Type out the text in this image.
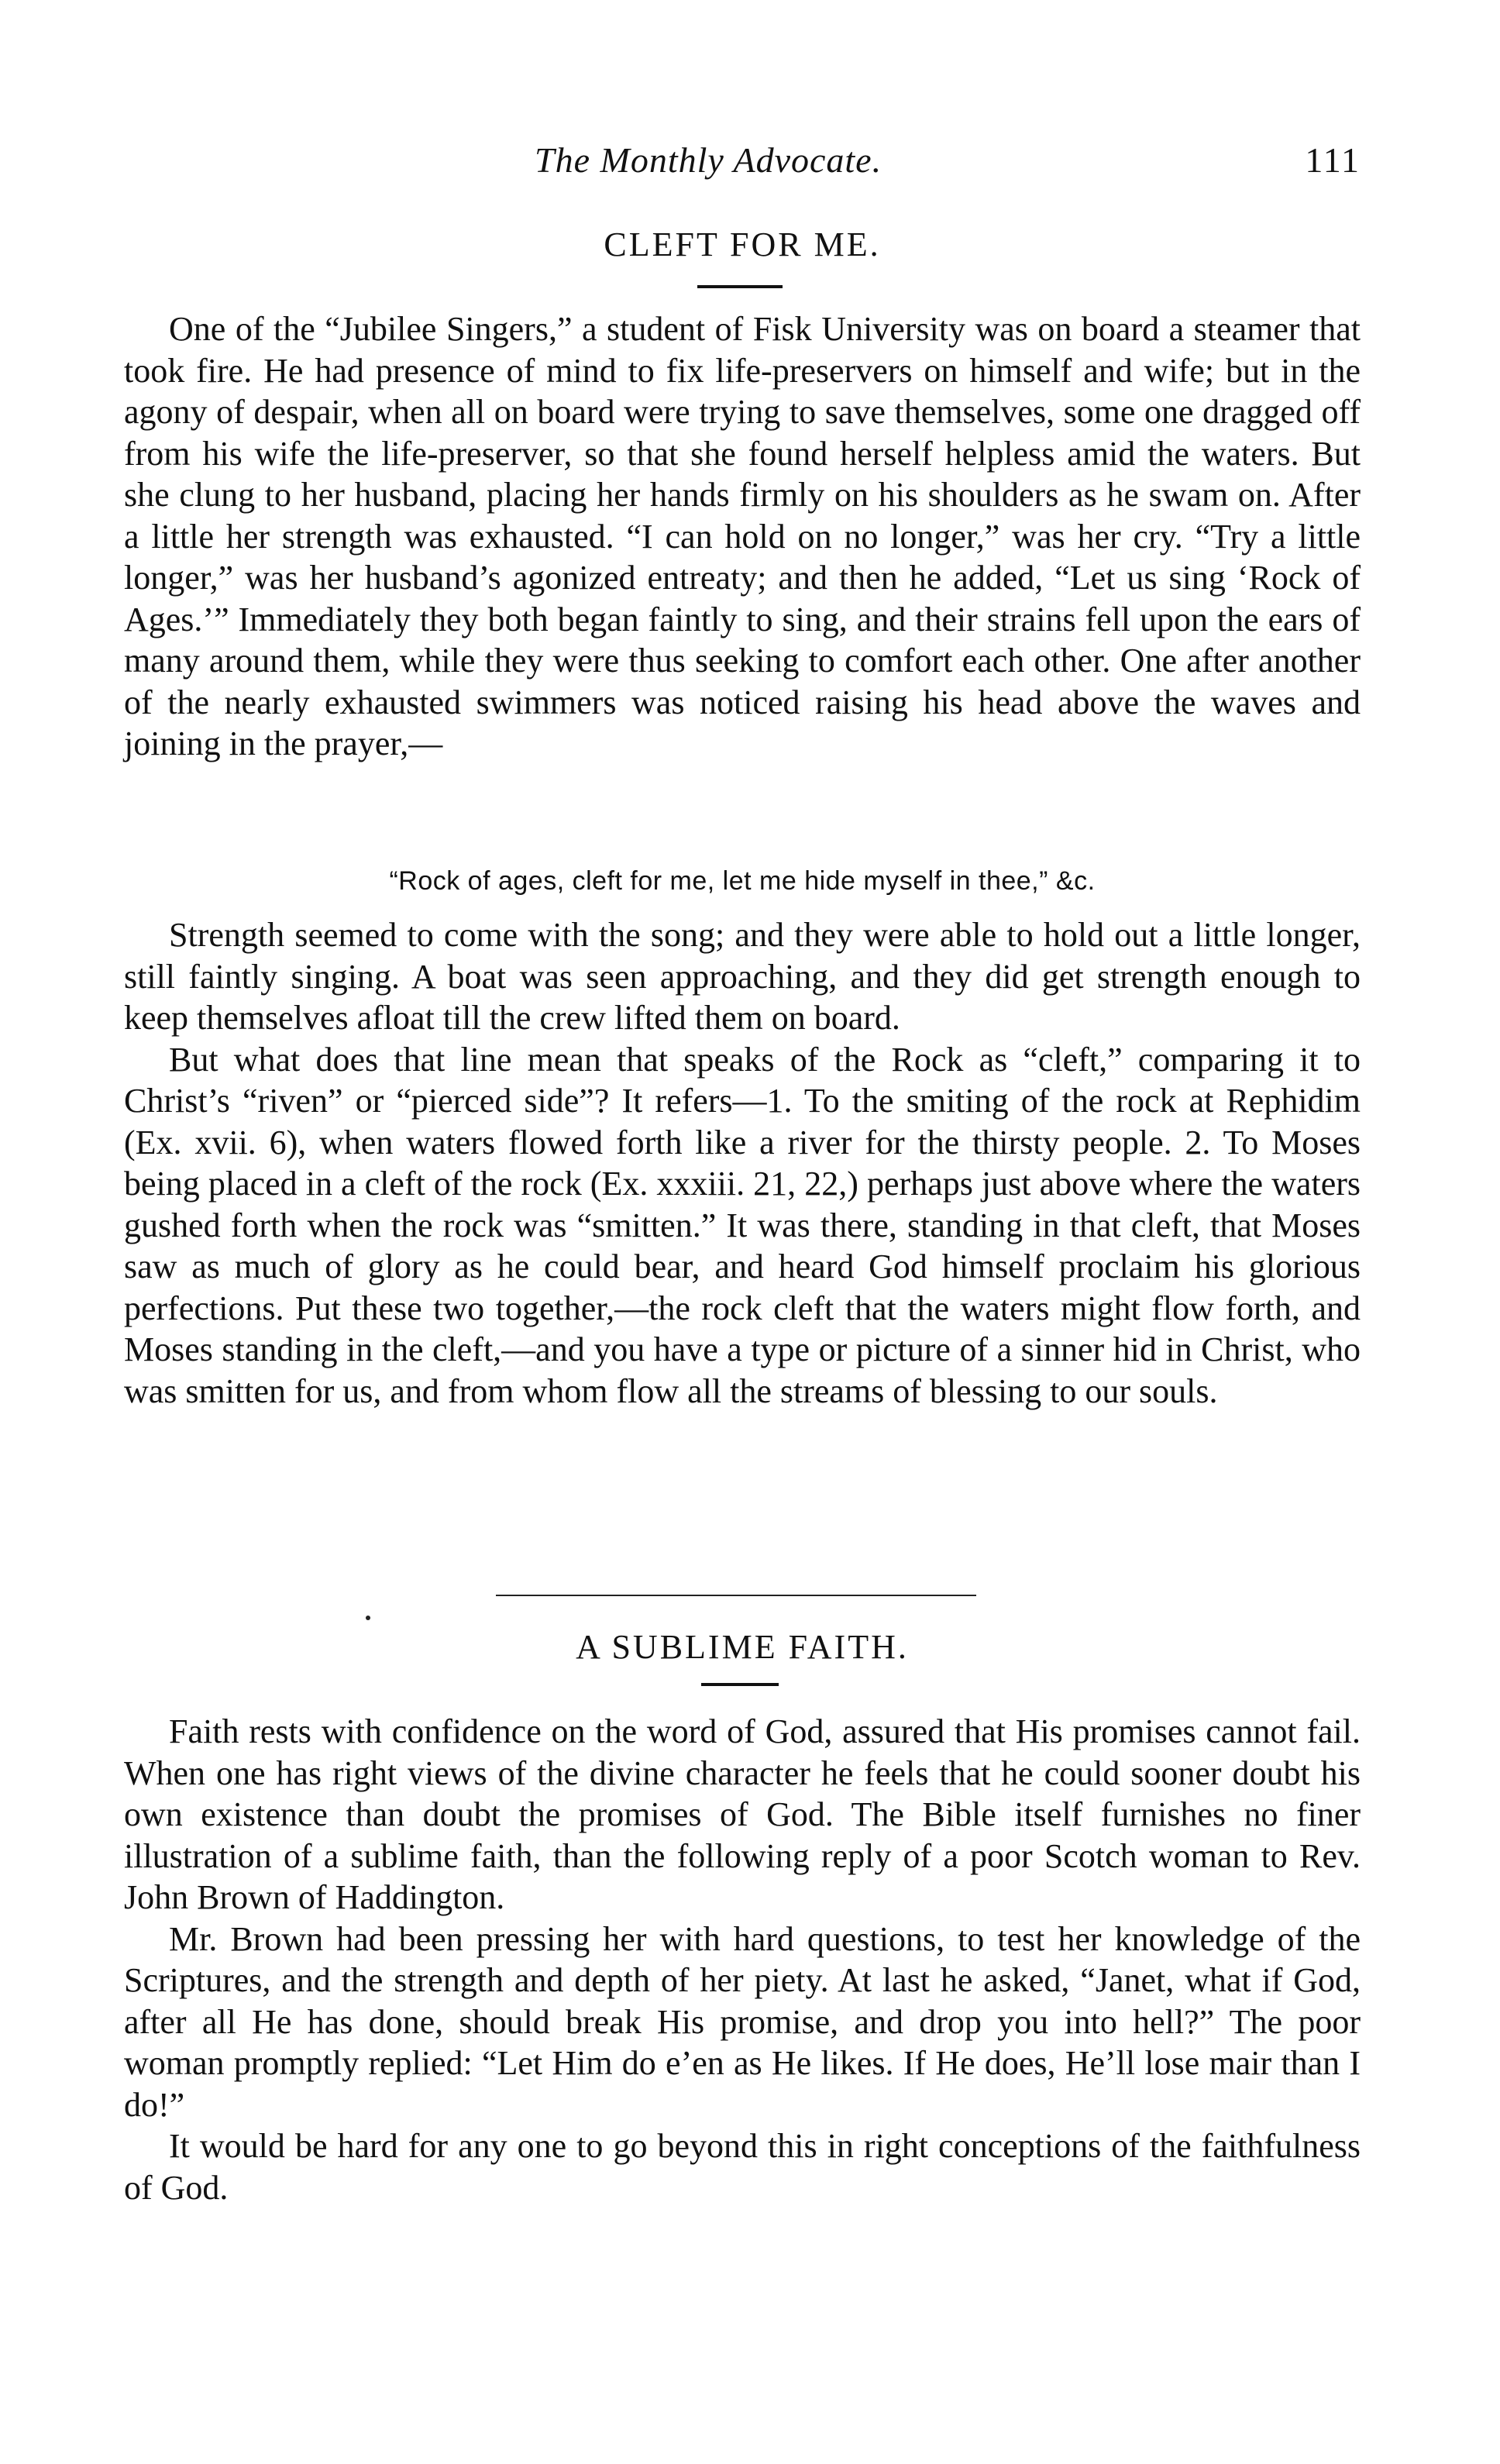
The Monthly Advocate.	111
CLEFT FOR ME.

One of the “Jubilee Singers,” a student of Fisk University was on board a steamer that took fire. He had presence of mind to fix life-preservers on himself and wife; but in the agony of despair, when all on board were trying to save themselves, some one dragged off from his wife the life-preserver, so that she found herself helpless amid the waters. But she clung to her husband, placing her hands firmly on his shoulders as he swam on. After a little her strength was exhausted. “I can hold on no longer,” was her cry. “Try a little longer,” was her husband’s agonized entreaty; and then he added, “Let us sing ‘Rock of Ages.’” Immediately they both began faintly to sing, and their strains fell upon the ears of many around them, while they were thus seeking to comfort each other. One after another of the nearly exhausted swimmers was noticed raising his head above the waves and joining in the prayer,—

“Rock of ages, cleft for me, let me hide myself in thee,” &c.

Strength seemed to come with the song; and they were able to hold out a little longer, still faintly singing. A boat was seen approaching, and they did get strength enough to keep themselves afloat till the crew lifted them on board.

But what does that line mean that speaks of the Rock as “cleft,” comparing it to Christ’s “riven” or “pierced side”? It refers—1. To the smiting of the rock at Rephidim (Ex. xvii. 6), when waters flowed forth like a river for the thirsty people. 2. To Moses being placed in a cleft of the rock (Ex. xxxiii. 21, 22,) perhaps just above where the waters gushed forth when the rock was “smitten.” It was there, standing in that cleft, that Moses saw as much of glory as he could bear, and heard God himself proclaim his glorious perfections. Put these two together,—the rock cleft that the waters might flow forth, and Moses standing in the cleft,—and you have a type or picture of a sinner hid in Christ, who was smitten for us, and from whom flow all the streams of blessing to our souls.

A SUBLIME FAITH.

Faith rests with confidence on the word of God, assured that His promises cannot fail. When one has right views of the divine character he feels that he could sooner doubt his own existence than doubt the promises of God. The Bible itself furnishes no finer illustration of a sublime faith, than the following reply of a poor Scotch woman to Rev. John Brown of Haddington.

Mr. Brown had been pressing her with hard questions, to test her knowledge of the Scriptures, and the strength and depth of her piety. At last he asked, “Janet, what if God, after all He has done, should break His promise, and drop you into hell?” The poor woman promptly replied: “Let Him do e’en as He likes. If He does, He’ll lose mair than I do!”

It would be hard for any one to go beyond this in right conceptions of the faithfulness of God.
